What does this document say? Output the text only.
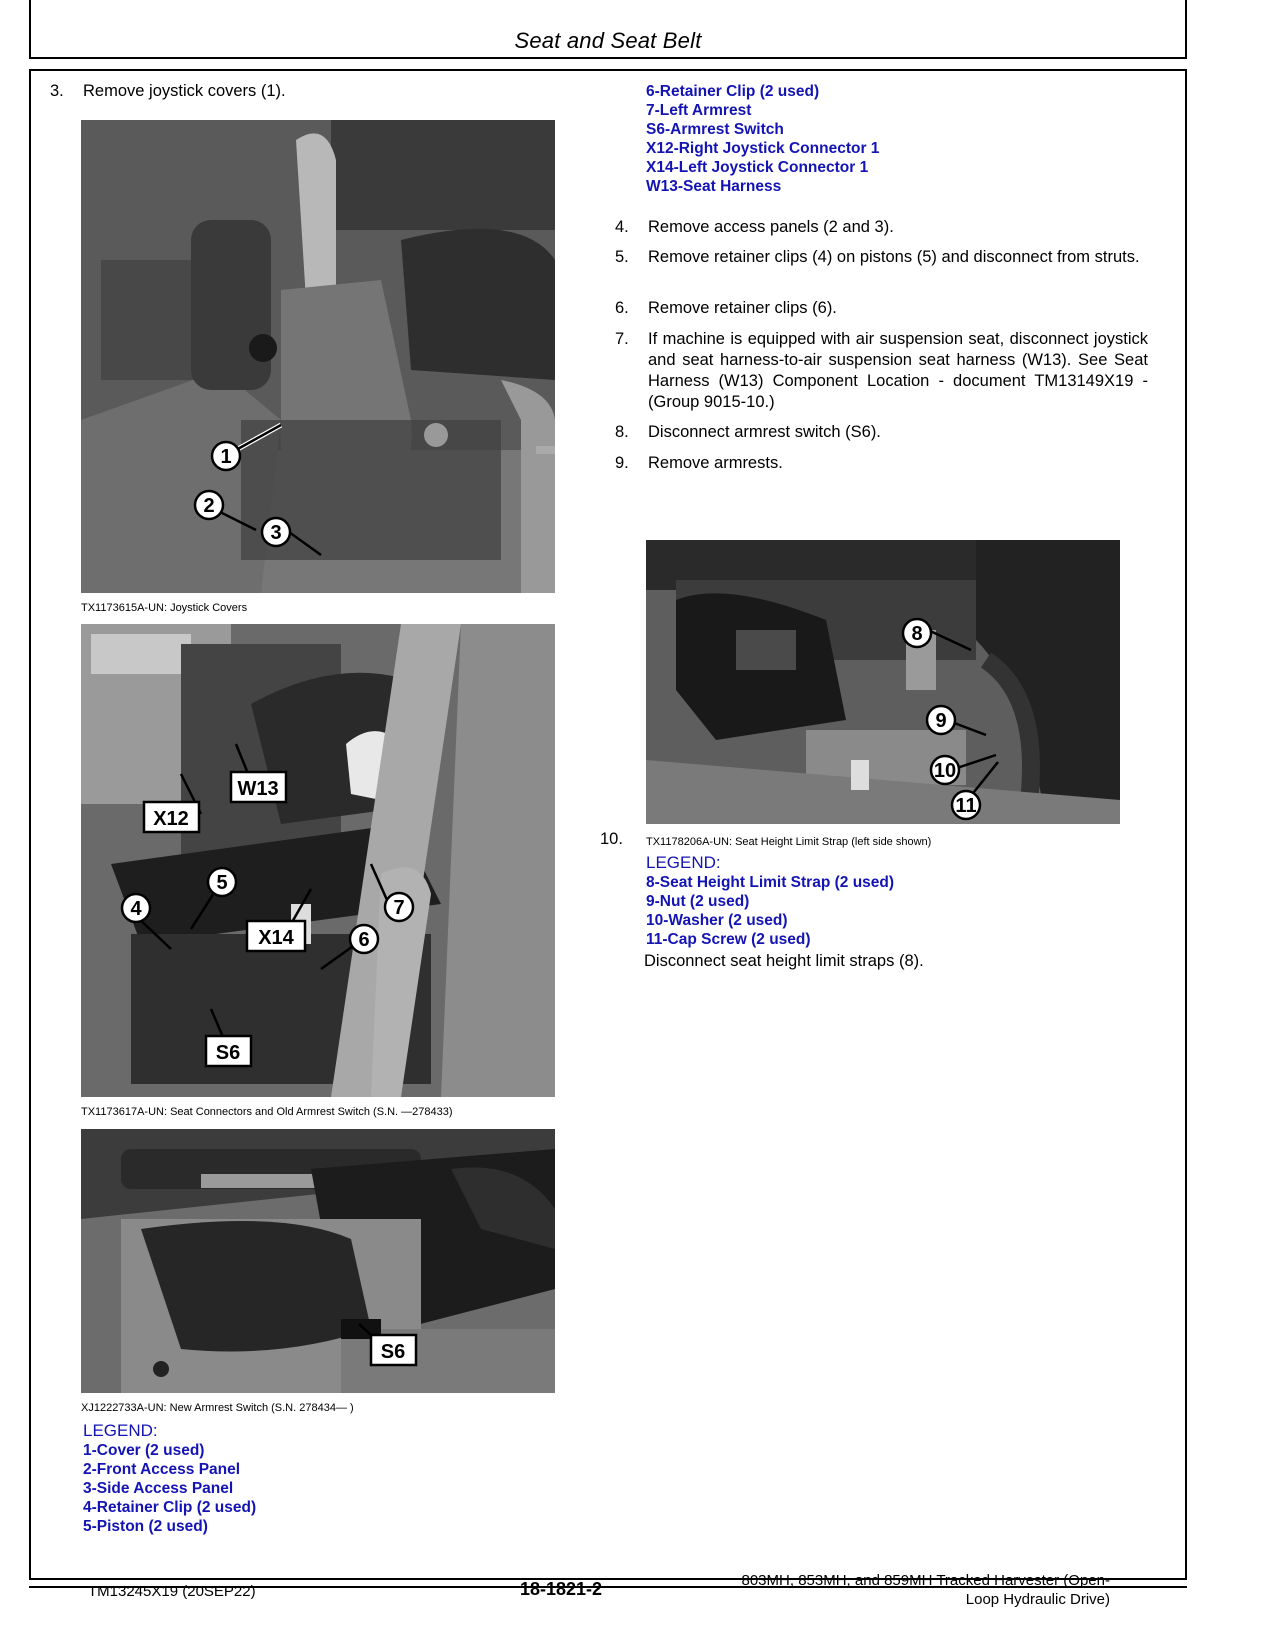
Seat and Seat Belt
3.	Remove joystick covers (1).
1
2
3
TX1173615A-UN: Joystick Covers
W13
X12
5
4
X14
7
6
S6
TX1173617A-UN: Seat Connectors and Old Armrest Switch (S.N. —278433)
S6
XJ1222733A-UN: New Armrest Switch (S.N. 278434— )
LEGEND:
1-Cover (2 used)
2-Front Access Panel
3-Side Access Panel
4-Retainer Clip (2 used)
5-Piston (2 used)
6-Retainer Clip (2 used)
7-Left Armrest
S6-Armrest Switch
X12-Right Joystick Connector 1
X14-Left Joystick Connector 1
W13-Seat Harness
4.	Remove access panels (2 and 3).
5.	Remove retainer clips (4) on pistons (5) and disconnect from struts.
6.	Remove retainer clips (6).
7.	If machine is equipped with air suspension seat, disconnect joystick and seat harness-to-air suspension seat harness (W13). See Seat Harness (W13) Component Location - document TM13149X19 - (Group 9015-10.)
8.	Disconnect armrest switch (S6).
9.	Remove armrests.
8
9
10
11
10.	TX1178206A-UN: Seat Height Limit Strap (left side shown)
LEGEND:
8-Seat Height Limit Strap (2 used)
9-Nut (2 used)
10-Washer (2 used)
11-Cap Screw (2 used)
Disconnect seat height limit straps (8).
TM13245X19 (20SEP22)	18-1821-2	803MH, 853MH, and 859MH Tracked Harvester (Open-
Loop Hydraulic Drive)
